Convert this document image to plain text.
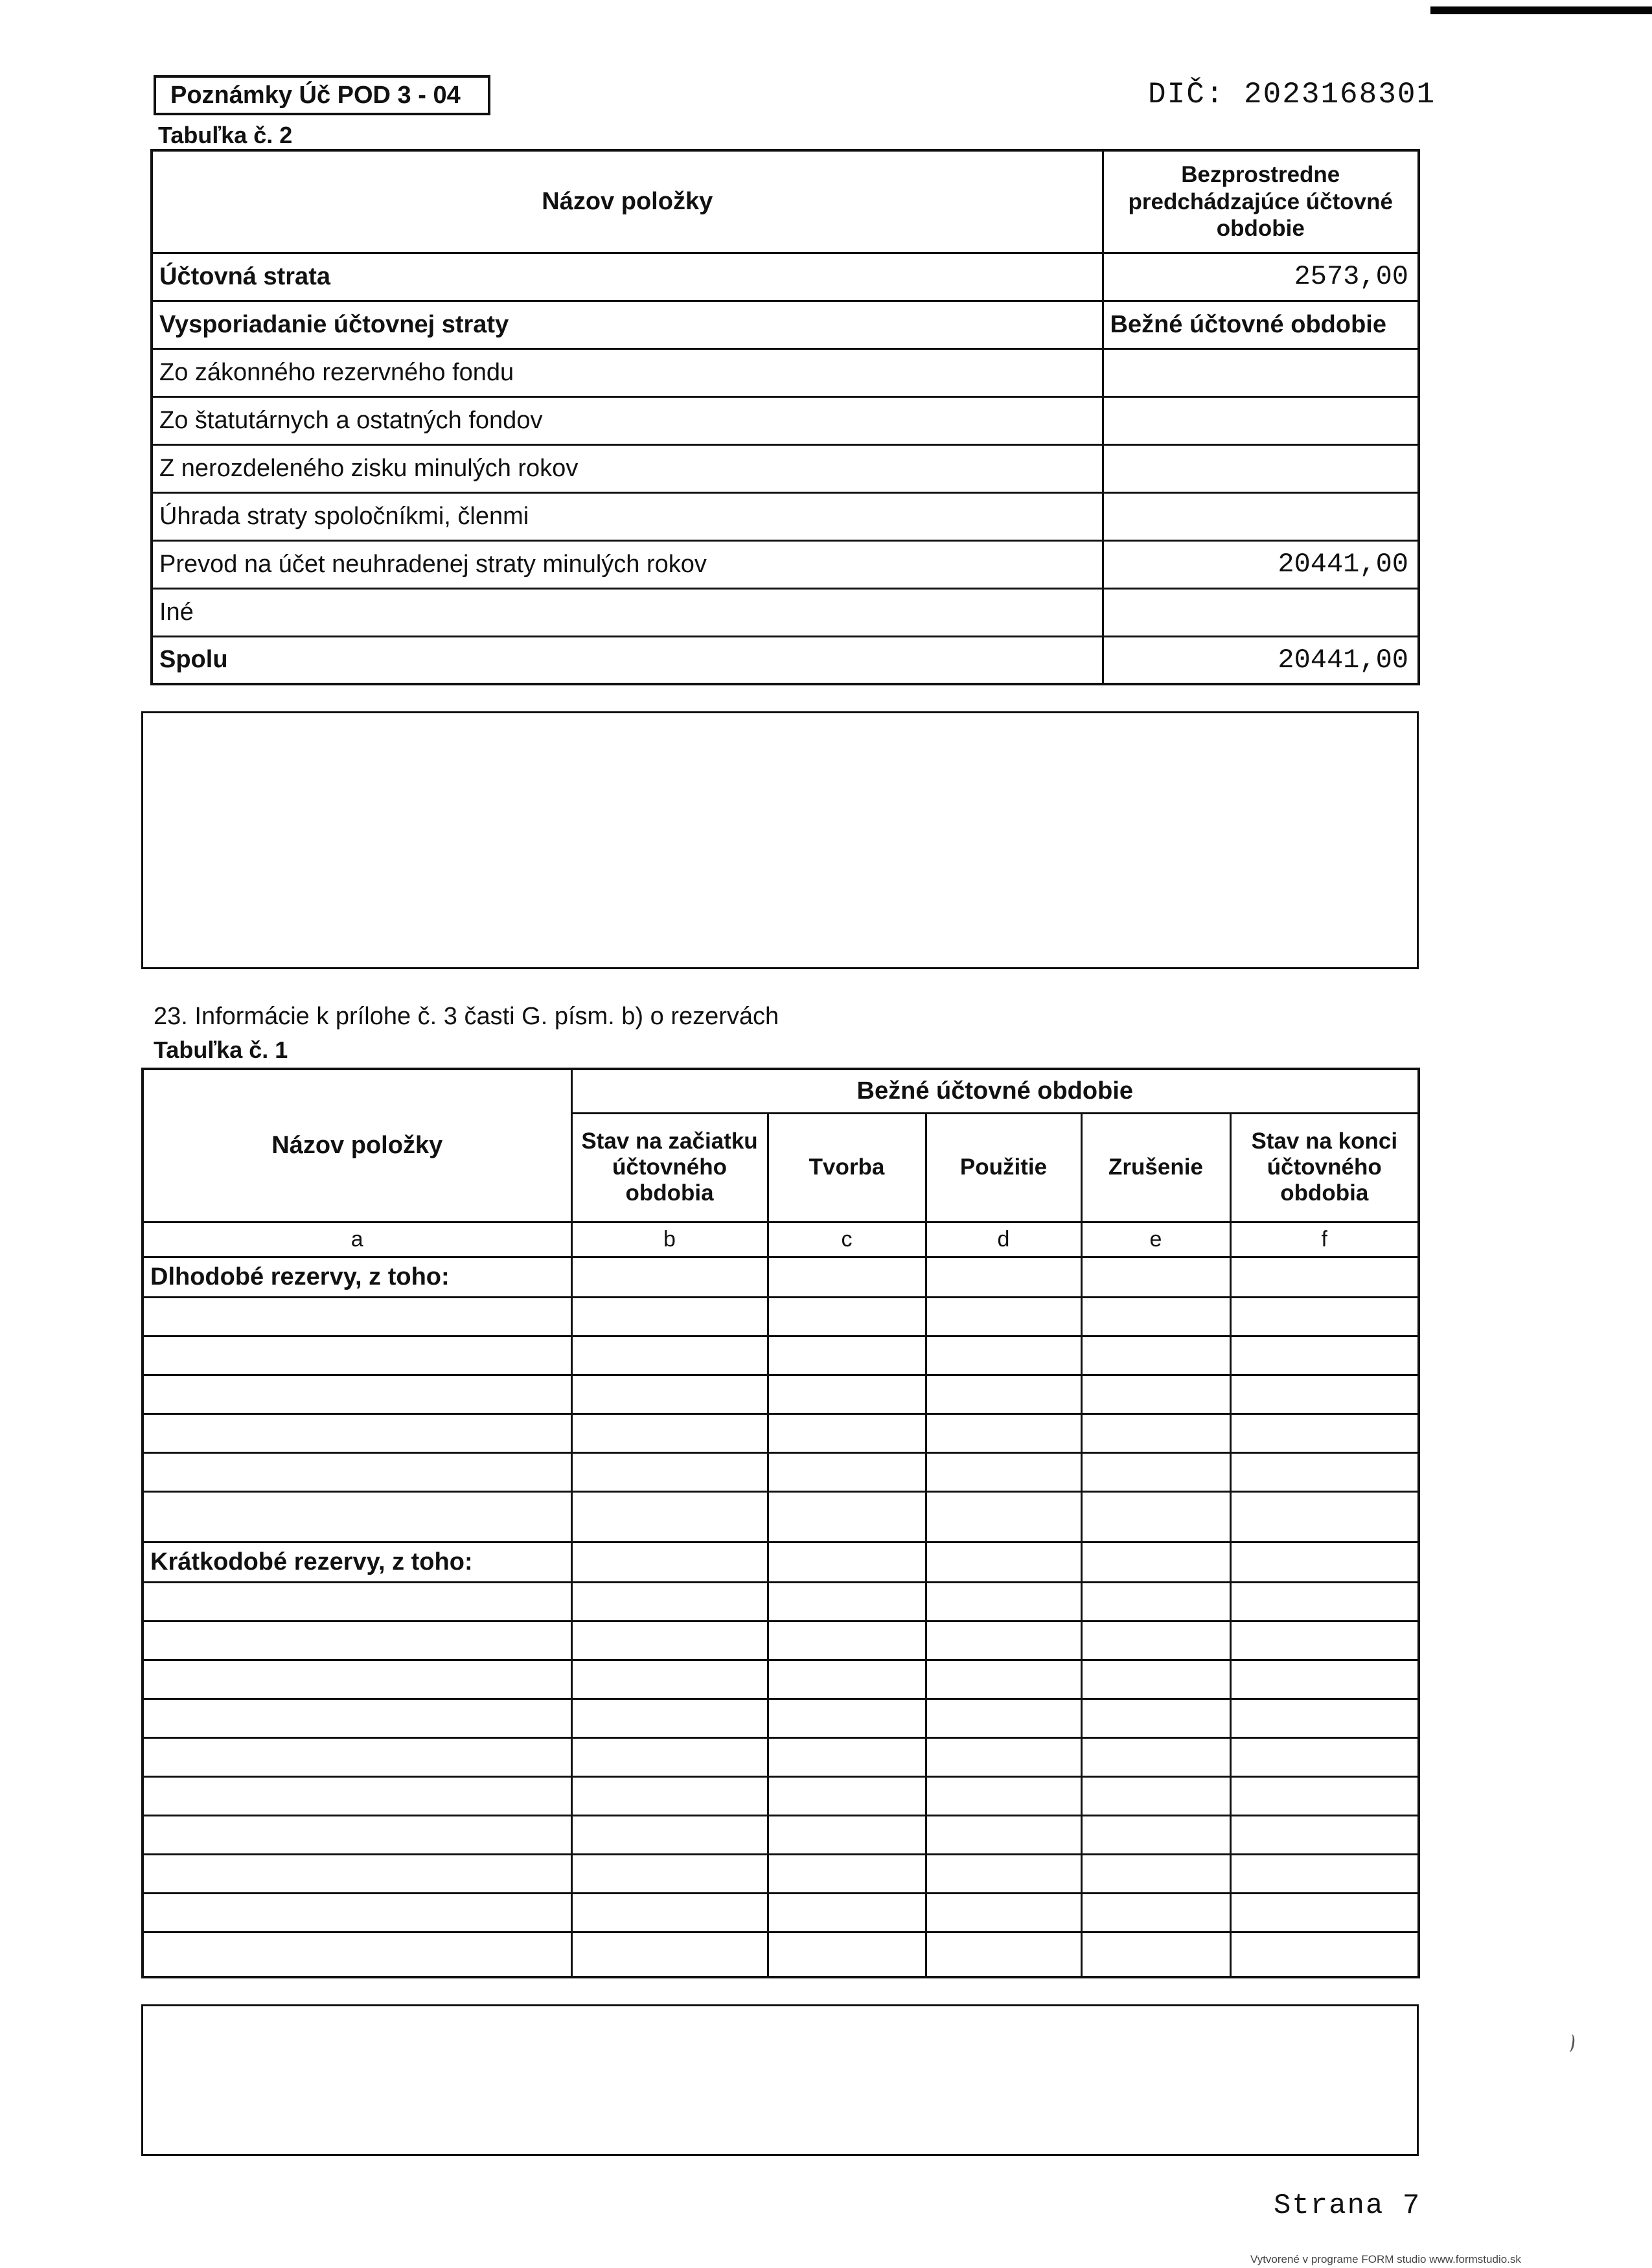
Poznámky Úč POD 3 - 04	DIČ: 2023168301
Tabuľka č. 2
Názov položky	Bezprostredne predchádzajúce účtovné obdobie
Účtovná strata	2573,00
Vysporiadanie účtovnej straty	Bežné účtovné obdobie
Zo zákonného rezervného fondu	
Zo štatutárnych a ostatných fondov	
Z nerozdeleného zisku minulých rokov	
Úhrada straty spoločníkmi, členmi	
Prevod na účet neuhradenej straty minulých rokov	20441,00
Iné	
Spolu	20441,00
23. Informácie k prílohe č. 3 časti G. písm. b) o rezervách
Tabuľka č. 1
Názov položky	Bežné účtovné obdobie				
	Stav na začiatku účtovného obdobia	Tvorba	Použitie	Zrušenie	Stav na konci účtovného obdobia
a	b	c	d	e	f
Dlhodobé rezervy, z toho:					

Krátkodobé rezervy, z toho:					

Strana 7
Vytvorené v programe FORM studio www.formstudio.sk
